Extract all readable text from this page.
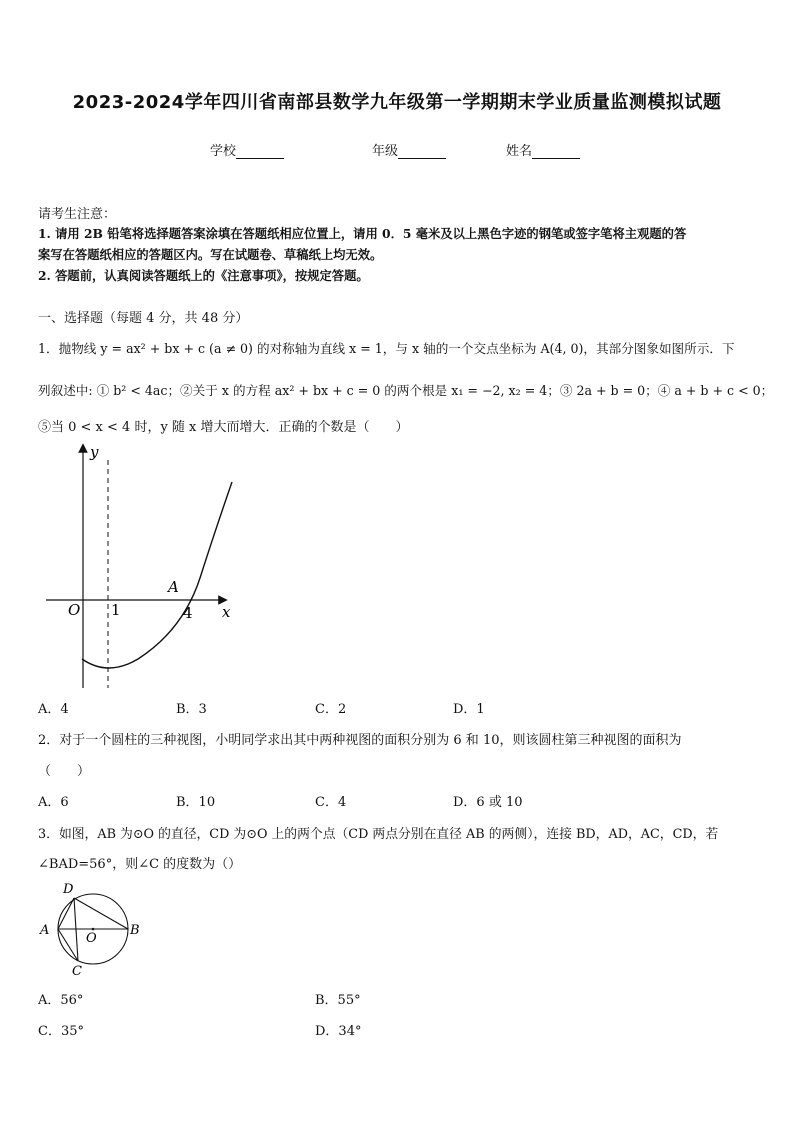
2023-2024学年四川省南部县数学九年级第一学期期末学业质量监测模拟试题
学校	年级	姓名
请考生注意：
1. 请用 2B 铅笔将选择题答案涂填在答题纸相应位置上，请用 0．5 毫米及以上黑色字迹的钢笔或签字笔将主观题的答
案写在答题纸相应的答题区内。写在试题卷、草稿纸上均无效。
2. 答题前，认真阅读答题纸上的《注意事项》，按规定答题。
一、选择题（每题 4 分，共 48 分）
1．抛物线 y = ax² + bx + c (a ≠ 0) 的对称轴为直线 x = 1，与 x 轴的一个交点坐标为 A(4, 0)，其部分图象如图所示．下
列叙述中: ① b² < 4ac；②关于 x 的方程 ax² + bx + c = 0 的两个根是 x₁ = −2, x₂ = 4；③ 2a + b = 0；④ a + b + c < 0；
⑤当 0 < x < 4 时，y 随 x 增大而增大．正确的个数是（　　）
y
x
O 1	4
A
A．4	B．3	C．2	D．1
2．对于一个圆柱的三种视图，小明同学求出其中两种视图的面积分别为 6 和 10，则该圆柱第三种视图的面积为
（　　）
A．6	B．10	C．4	D．6 或 10
3．如图，AB 为⊙O 的直径，CD 为⊙O 上的两个点（CD 两点分别在直径 AB 的两侧），连接 BD，AD，AC，CD，若
∠BAD=56°，则∠C 的度数为（）
D
A	B
O
C
A．56°	B．55°
C．35°	D．34°
